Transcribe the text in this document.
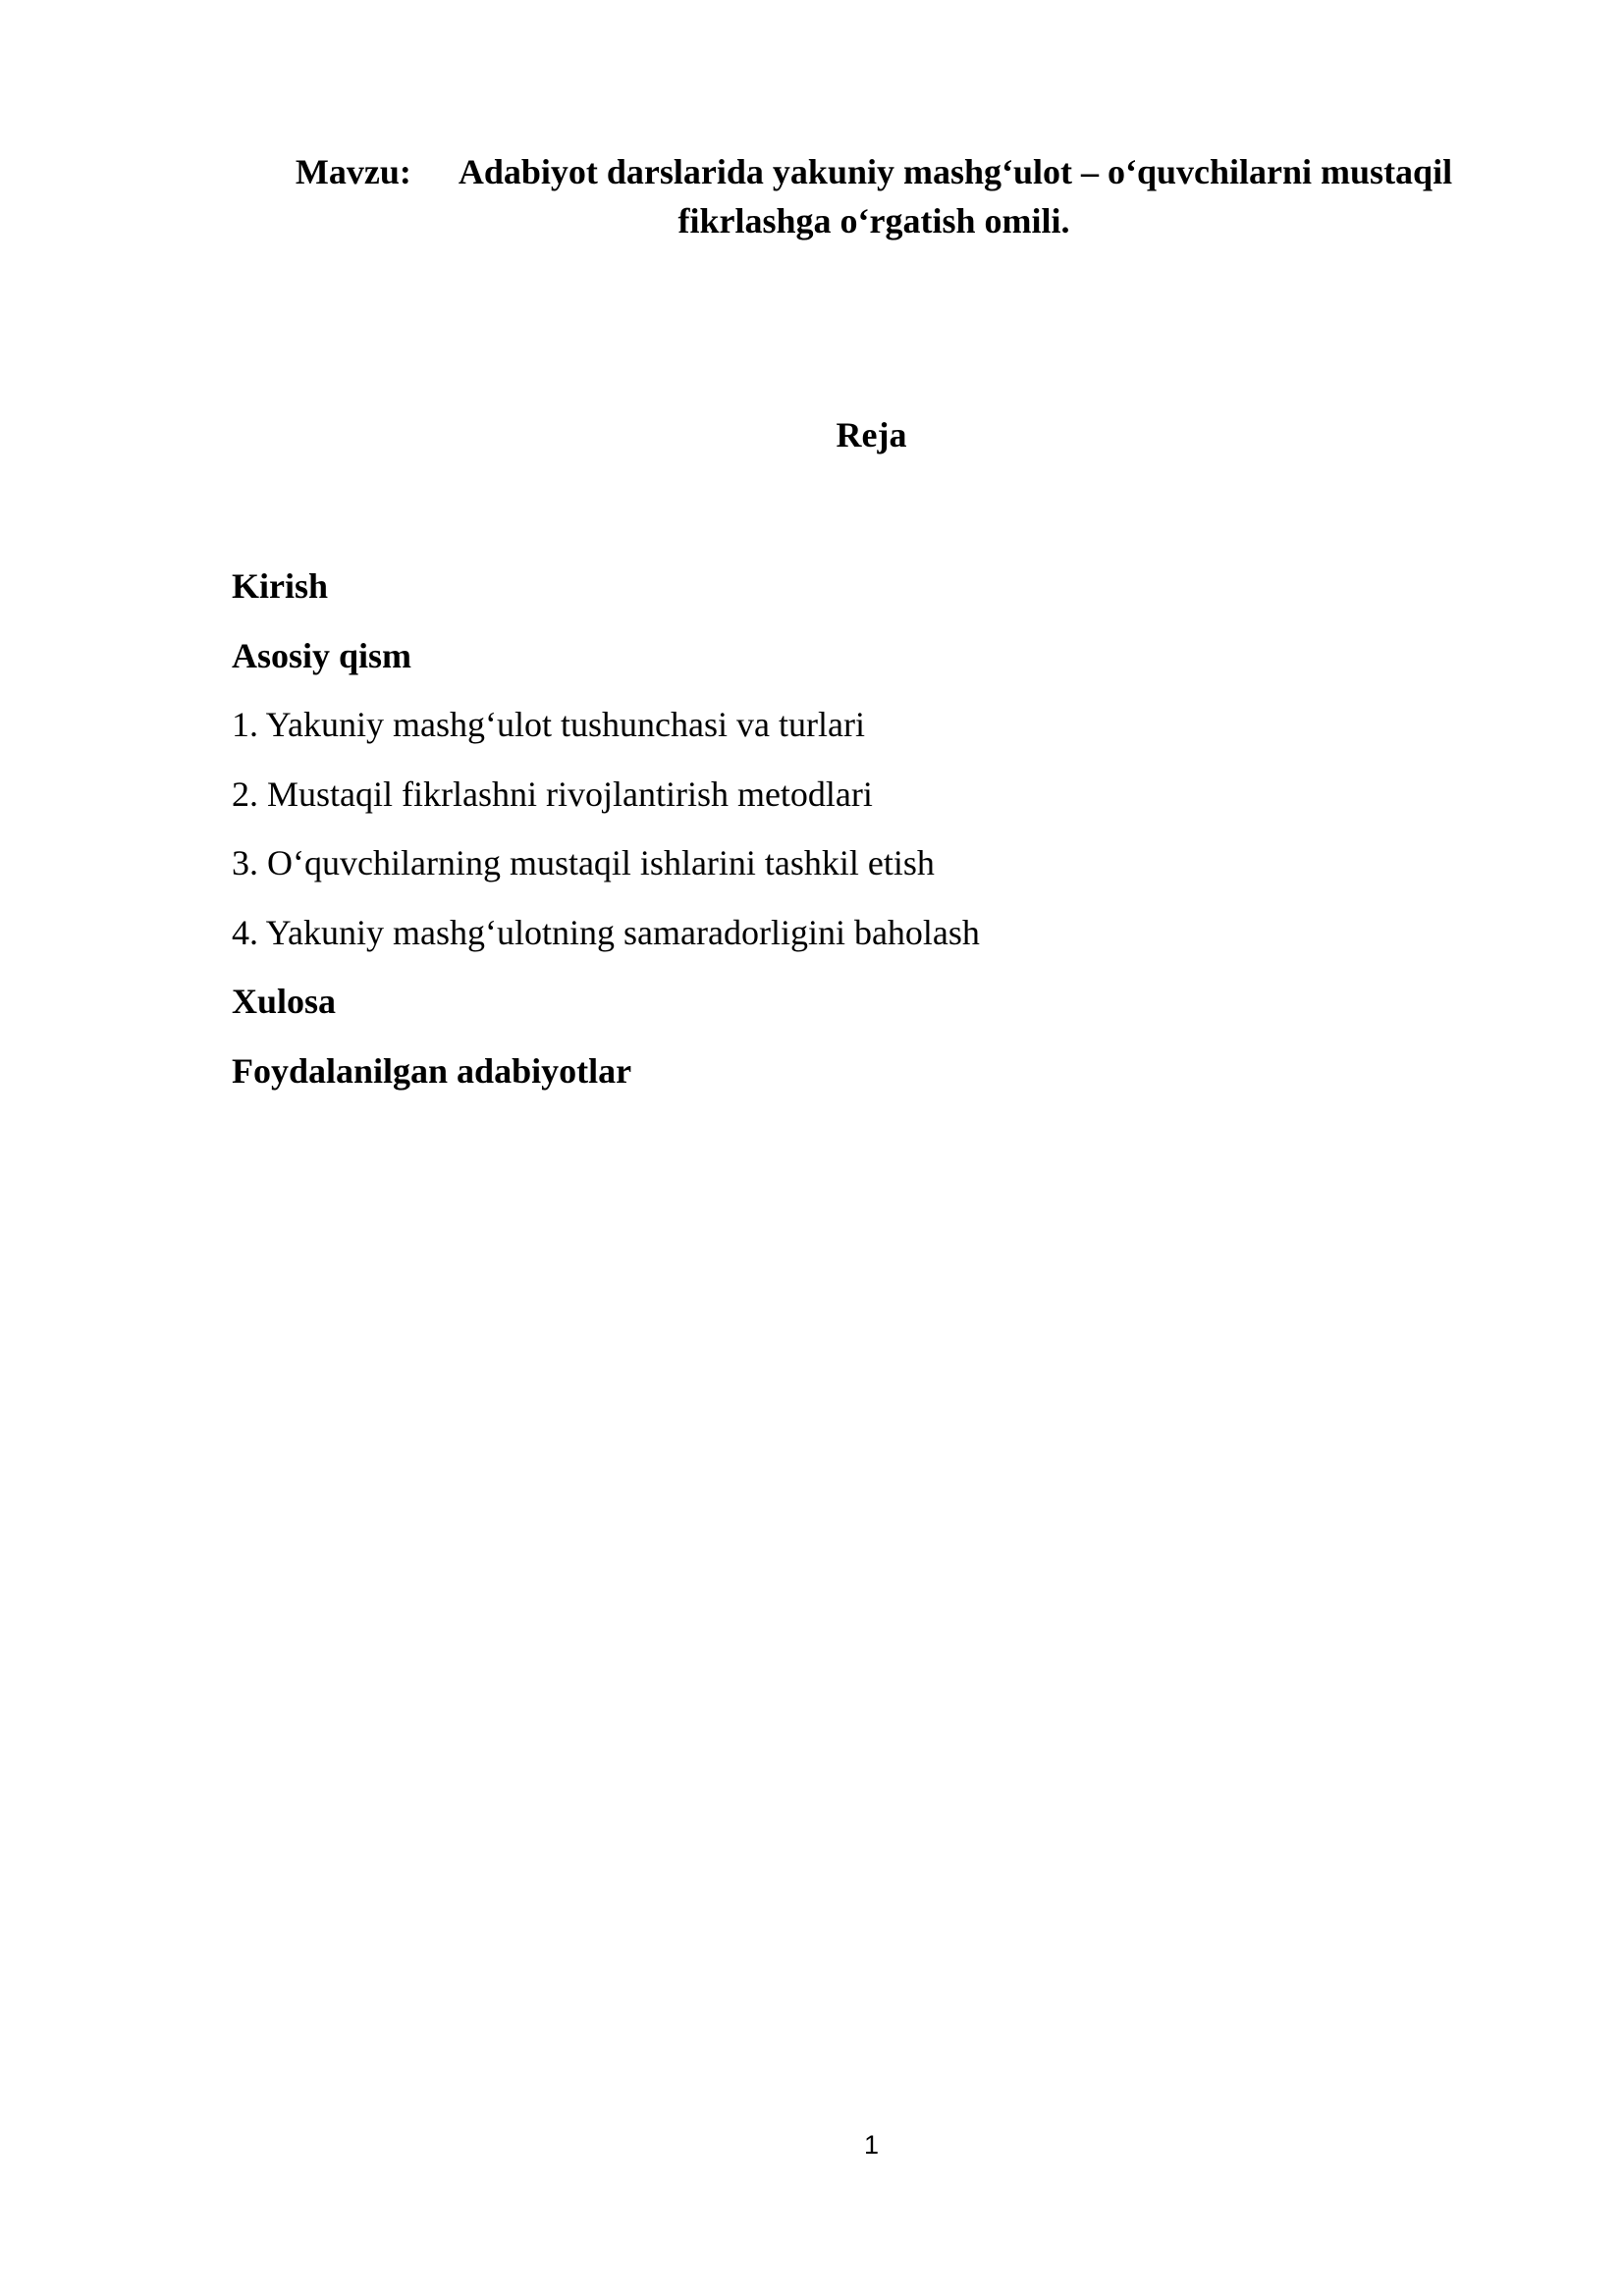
Mavzu: Adabiyot darslarida yakuniy mashg‘ulot – o‘quvchilarni mustaqil fikrlashga o‘rgatish omili.
Reja
Kirish
Asosiy qism
1. Yakuniy mashg‘ulot tushunchasi va turlari
2. Mustaqil fikrlashni rivojlantirish metodlari
3. O‘quvchilarning mustaqil ishlarini tashkil etish
4. Yakuniy mashg‘ulotning samaradorligini baholash
Xulosa
Foydalanilgan adabiyotlar
1
